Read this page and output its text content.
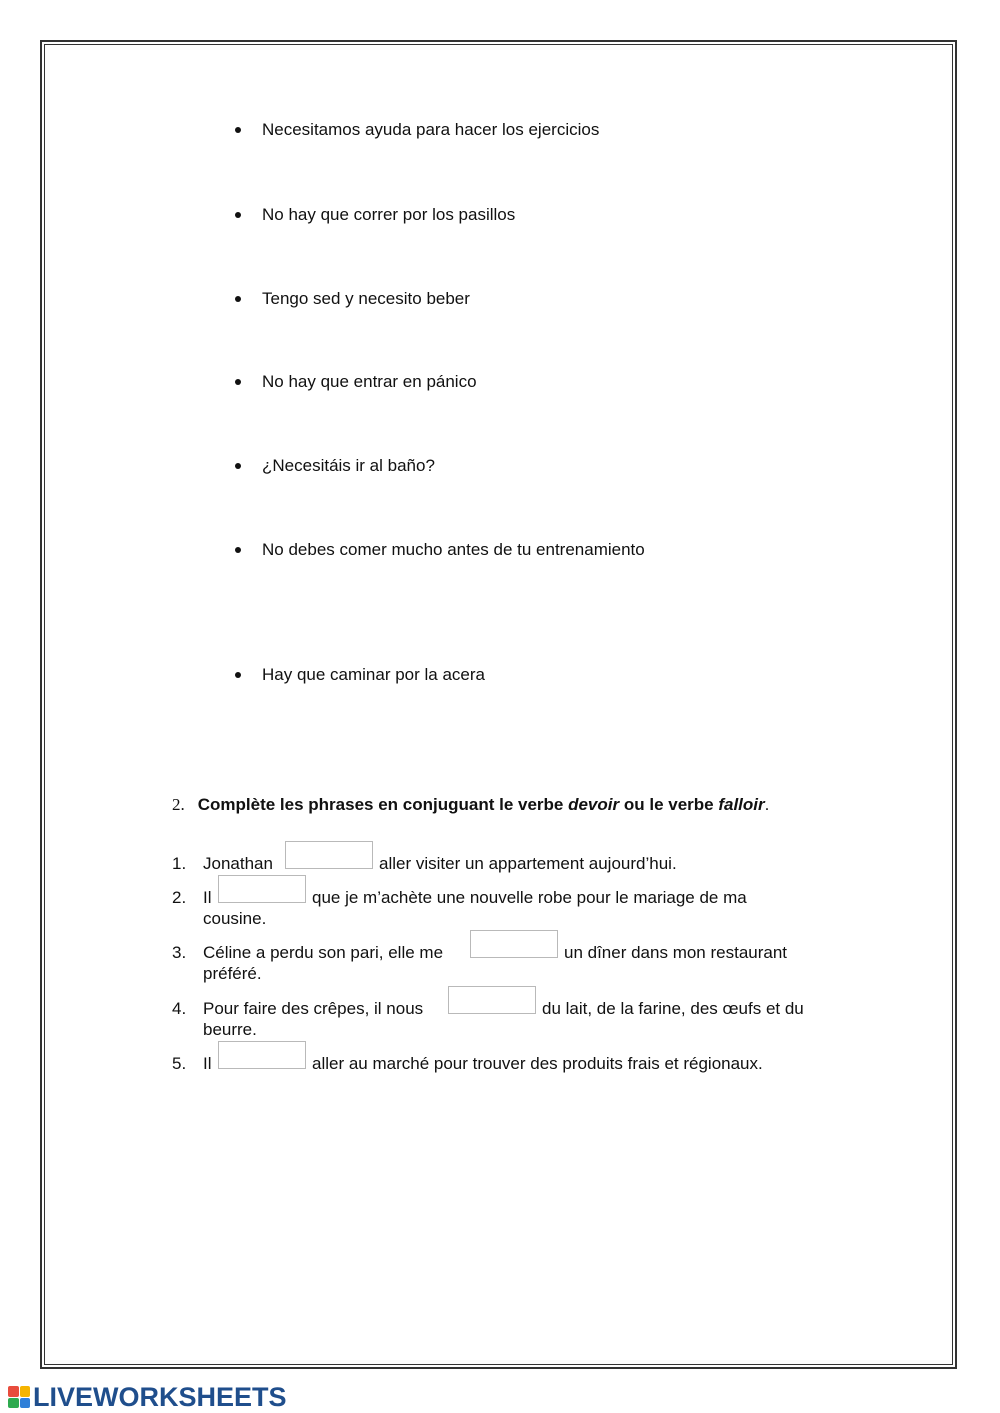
Necesitamos ayuda para hacer los ejercicios
No hay que correr por los pasillos
Tengo sed y necesito beber
No hay que entrar en pánico
¿Necesitáis ir al baño?
No debes comer mucho antes de tu entrenamiento
Hay que caminar por la acera
2. Complète les phrases en conjuguant le verbe devoir ou le verbe falloir.
1. Jonathan	aller visiter un appartement aujourd’hui.
2. Il	que je m’achète une nouvelle robe pour le mariage de ma
cousine.
3. Céline a perdu son pari, elle me	un dîner dans mon restaurant
préféré.
4. Pour faire des crêpes, il nous	du lait, de la farine, des œufs et du
beurre.
5. Il	aller au marché pour trouver des produits frais et régionaux.
LIVEWORKSHEETS
